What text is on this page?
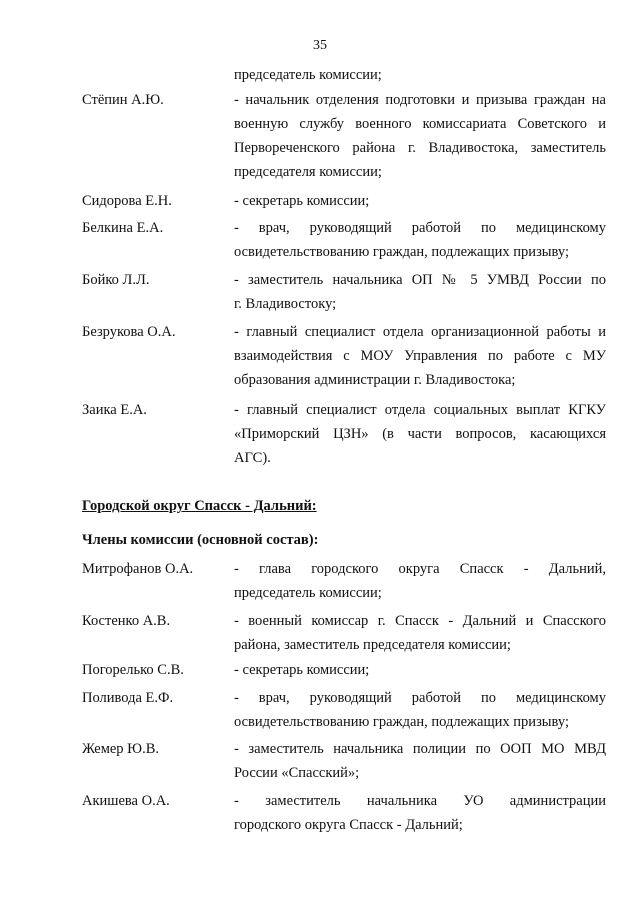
35
председатель комиссии;
Стёпин А.Ю.	- начальник отделения подготовки и призыва граждан на
военную службу военного комиссариата Советского и
Первореченского района г. Владивостока, заместитель
председателя комиссии;
Сидорова Е.Н.	- секретарь комиссии;
Белкина Е.А.	- врач, руководящий работой по медицинскому
освидетельствованию граждан, подлежащих призыву;
Бойко Л.Л.	- заместитель начальника ОП № 5 УМВД России по
г. Владивостоку;
Безрукова О.А.	- главный специалист отдела организационной работы и
взаимодействия с МОУ Управления по работе с МУ
образования администрации г. Владивостока;
Заика Е.А.	- главный специалист отдела социальных выплат КГКУ
«Приморский ЦЗН» (в части вопросов, касающихся
АГС).
Городской округ Спасск - Дальний:
Члены комиссии (основной состав):
Митрофанов О.А.	- глава городского округа Спасск - Дальний,
председатель комиссии;
Костенко А.В.	- военный комиссар г. Спасск - Дальний и Спасского
района, заместитель председателя комиссии;
Погорелько С.В.	- секретарь комиссии;
Поливода Е.Ф.	- врач, руководящий работой по медицинскому
освидетельствованию граждан, подлежащих призыву;
Жемер Ю.В.	- заместитель начальника полиции по ООП МО МВД
России «Спасский»;
Акишева О.А.	- заместитель начальника УО администрации
городского округа Спасск - Дальний;
